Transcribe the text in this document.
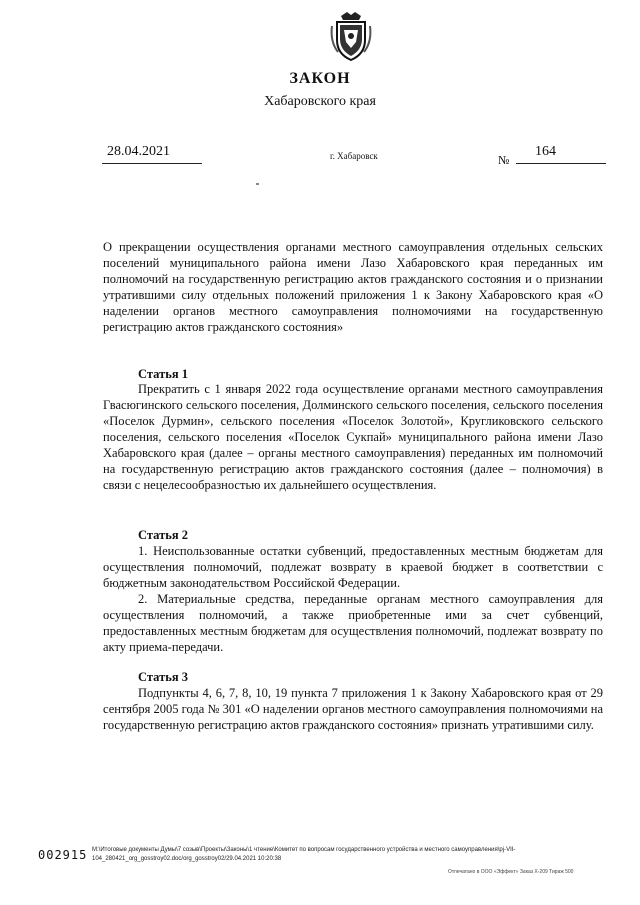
ЗАКОН
Хабаровского края
28.04.2021	г. Хабаровск	№
164

О прекращении осуществления органами местного самоуправления отдельных сельских поселений муниципального района имени Лазо Хабаровского края переданных им полномочий на государственную регистрацию актов гражданского состояния и о признании утратившими силу отдельных положений приложения 1 к Закону Хабаровского края «О наделении органов местного самоуправления полномочиями на государственную регистрацию актов гражданского состояния»

Статья 1

Прекратить с 1 января 2022 года осуществление органами местного самоуправления Гвасюгинского сельского поселения, Долминского сельского поселения, сельского поселения «Поселок Дурмин», сельского поселения «Поселок Золотой», Кругликовского сельского поселения, сельского поселения «Поселок Сукпай» муниципального района имени Лазо Хабаровского края (далее – органы местного самоуправления) переданных им полномочий на государственную регистрацию актов гражданского состояния (далее – полномочия) в связи с нецелесообразностью их дальнейшего осуществления.

Статья 2

1. Неиспользованные остатки субвенций, предоставленных местным бюджетам для осуществления полномочий, подлежат возврату в краевой бюджет в соответствии с бюджетным законодательством Российской Федерации.

2. Материальные средства, переданные органам местного самоуправления для осуществления полномочий, а также приобретенные ими за счет субвенций, предоставленных местным бюджетам для осуществления полномочий, подлежат возврату по акту приема-передачи.

Статья 3

Подпункты 4, 6, 7, 8, 10, 19 пункта 7 приложения 1 к Закону Хабаровского края от 29 сентября 2005 года № 301 «О наделении органов местного самоуправления полномочиями на государственную регистрацию актов гражданского состояния» признать утратившими силу.

002915 M:\Итоговые документы Думы\7 созыв\Проекты\Законы\1 чтение\Комитет по вопросам государственного устройства и местного самоуправления\pj-VII-104_280421_org_gosstroy02.doc/org_gosstroy02/29.04.2021 10:20:38
Отпечатано в ООО «Эффект» Заказ Х-209 Тираж 500
